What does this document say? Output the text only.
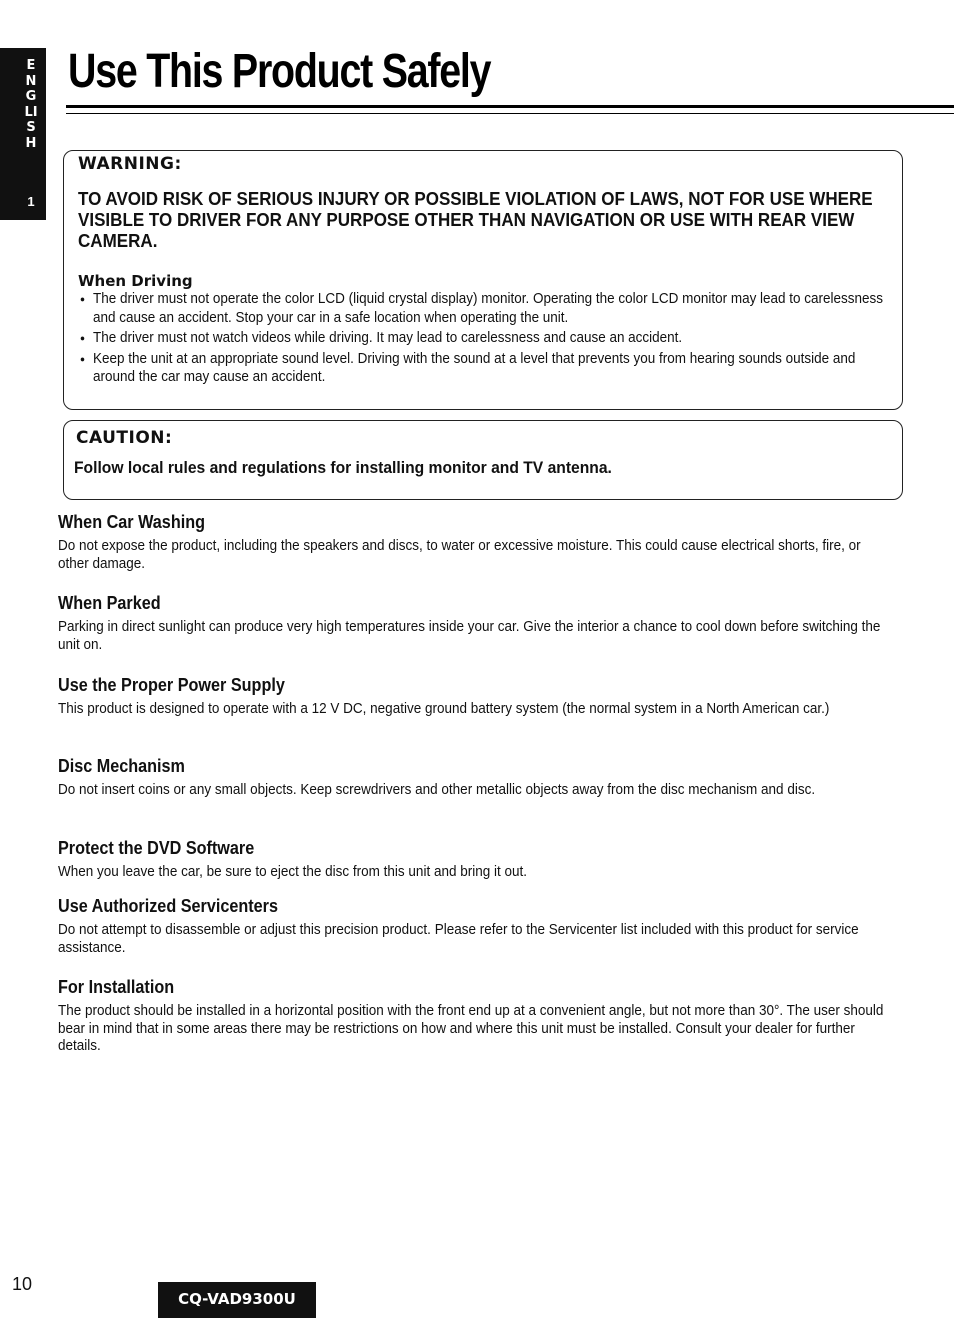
ENGLISH
1
Use This Product Safely
WARNING:

TO AVOID RISK OF SERIOUS INJURY OR POSSIBLE VIOLATION OF LAWS, NOT FOR USE WHERE VISIBLE TO DRIVER FOR ANY PURPOSE OTHER THAN NAVIGATION OR USE WITH REAR VIEW CAMERA.

When Driving
● The driver must not operate the color LCD (liquid crystal display) monitor. Operating the color LCD monitor may lead to carelessness and cause an accident. Stop your car in a safe location when operating the unit.
● The driver must not watch videos while driving. It may lead to carelessness and cause an accident.
● Keep the unit at an appropriate sound level. Driving with the sound at a level that prevents you from hearing sounds outside and around the car may cause an accident.
CAUTION:
Follow local rules and regulations for installing monitor and TV antenna.
When Car Washing

Do not expose the product, including the speakers and discs, to water or excessive moisture. This could cause electrical shorts, fire, or other damage.

When Parked

Parking in direct sunlight can produce very high temperatures inside your car. Give the interior a chance to cool down before switching the unit on.

Use the Proper Power Supply

This product is designed to operate with a 12 V DC, negative ground battery system (the normal system in a North American car.)

Disc Mechanism

Do not insert coins or any small objects. Keep screwdrivers and other metallic objects away from the disc mechanism and disc.

Protect the DVD Software

When you leave the car, be sure to eject the disc from this unit and bring it out.

Use Authorized Servicenters

Do not attempt to disassemble or adjust this precision product. Please refer to the Servicenter list included with this product for service assistance.

For Installation

The product should be installed in a horizontal position with the front end up at a convenient angle, but not more than 30°. The user should bear in mind that in some areas there may be restrictions on how and where this unit must be installed. Consult your dealer for further details.

10
CQ-VAD9300U
